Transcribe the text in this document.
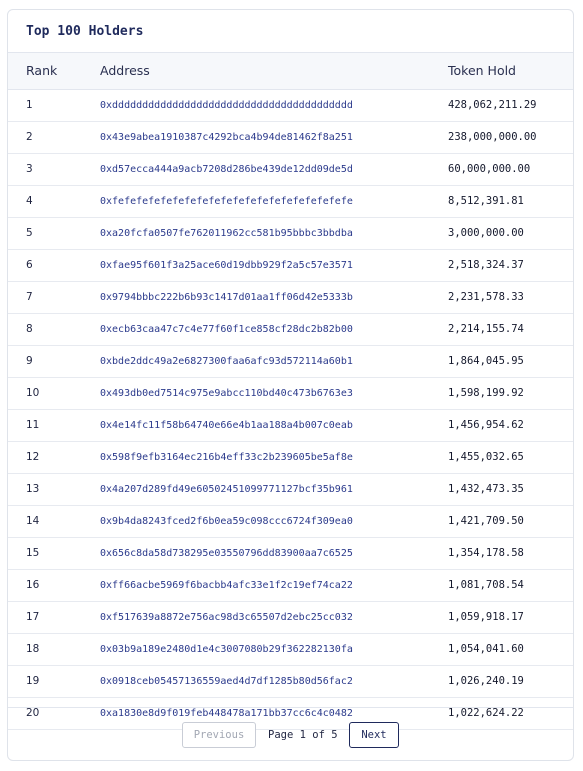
Top 100 Holders
Rank	Address	Token Hold
1	0xdddddddddddddddddddddddddddddddddddddddd	428,062,211.29
2	0x43e9abea1910387c4292bca4b94de81462f8a251	238,000,000.00
3	0xd57ecca444a9acb7208d286be439de12dd09de5d	60,000,000.00
4	0xfefefefefefefefefefefefefefefefefefefefe	8,512,391.81
5	0xa20fcfa0507fe762011962cc581b95bbbc3bbdba	3,000,000.00
6	0xfae95f601f3a25ace60d19dbb929f2a5c57e3571	2,518,324.37
7	0x9794bbbc222b6b93c1417d01aa1ff06d42e5333b	2,231,578.33
8	0xecb63caa47c7c4e77f60f1ce858cf28dc2b82b00	2,214,155.74
9	0xbde2ddc49a2e6827300faa6afc93d572114a60b1	1,864,045.95
10	0x493db0ed7514c975e9abcc110bd40c473b6763e3	1,598,199.92
11	0x4e14fc11f58b64740e66e4b1aa188a4b007c0eab	1,456,954.62
12	0x598f9efb3164ec216b4eff33c2b239605be5af8e	1,455,032.65
13	0x4a207d289fd49e60502451099771127bcf35b961	1,432,473.35
14	0x9b4da8243fced2f6b0ea59c098ccc6724f309ea0	1,421,709.50
15	0x656c8da58d738295e03550796dd83900aa7c6525	1,354,178.58
16	0xff66acbe5969f6bacbb4afc33e1f2c19ef74ca22	1,081,708.54
17	0xf517639a8872e756ac98d3c65507d2ebc25cc032	1,059,918.17
18	0x03b9a189e2480d1e4c3007080b29f362282130fa	1,054,041.60
19	0x0918ceb05457136559aed4d7df1285b80d56fac2	1,026,240.19
20	0xa1830e8d9f019feb448478a171bb37cc6c4c0482	1,022,624.22
Previous	Page 1 of 5	Next
